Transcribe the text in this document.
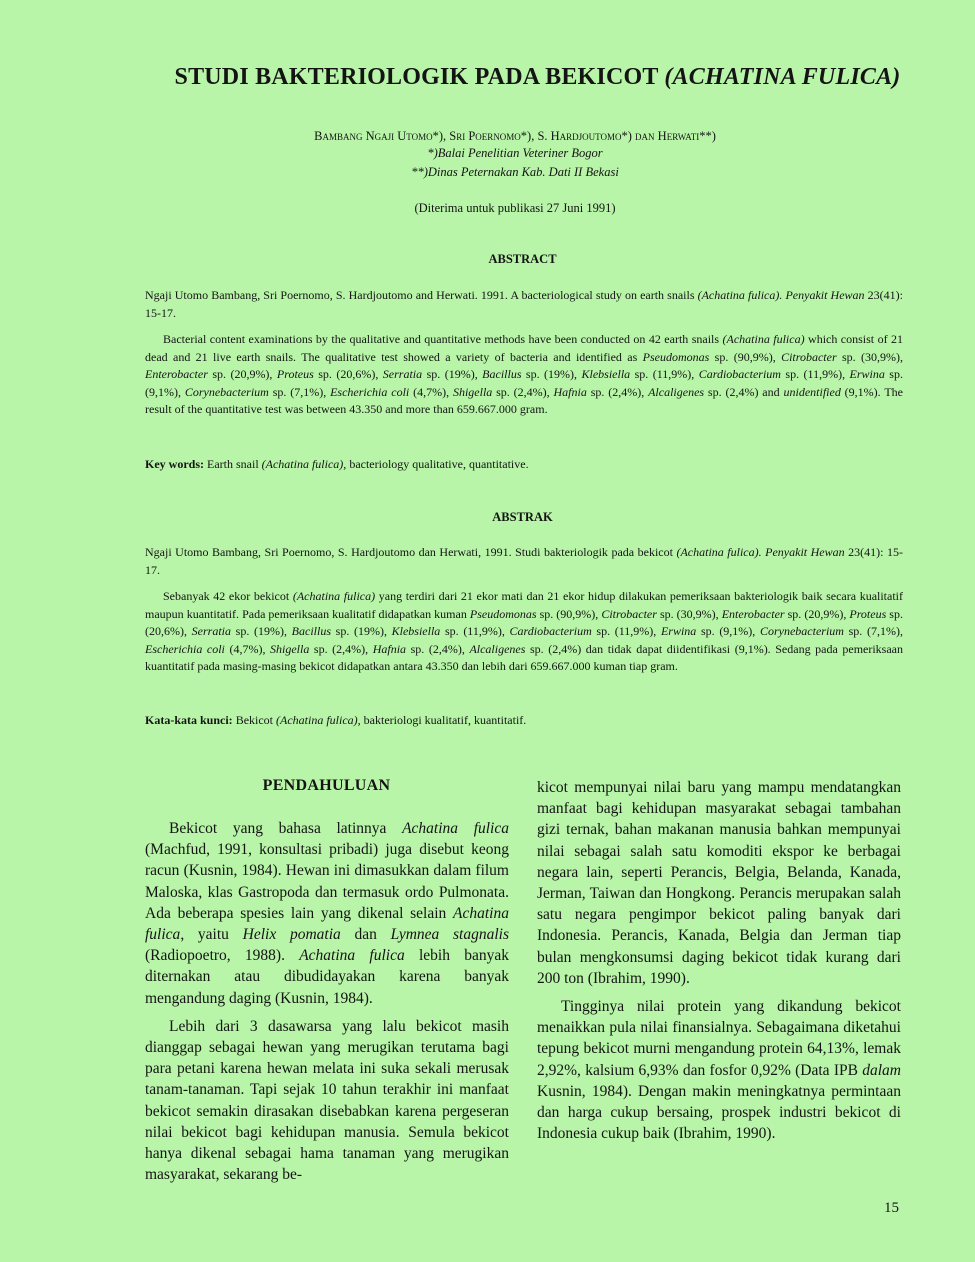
STUDI BAKTERIOLOGIK PADA BEKICOT (ACHATINA FULICA)
Bambang Ngaji Utomo*), Sri Poernomo*), S. Hardjoutomo*) dan Herwati**)
*)Balai Penelitian Veteriner Bogor
**)Dinas Peternakan Kab. Dati II Bekasi
(Diterima untuk publikasi 27 Juni 1991)
ABSTRACT
Ngaji Utomo Bambang, Sri Poernomo, S. Hardjoutomo and Herwati. 1991. A bacteriological study on earth snails (Achatina fulica). Penyakit Hewan 23(41): 15-17.
Bacterial content examinations by the qualitative and quantitative methods have been conducted on 42 earth snails (Achatina fulica) which consist of 21 dead and 21 live earth snails. The qualitative test showed a variety of bacteria and identified as Pseudomonas sp. (90,9%), Citrobacter sp. (30,9%), Enterobacter sp. (20,9%), Proteus sp. (20,6%), Serratia sp. (19%), Bacillus sp. (19%), Klebsiella sp. (11,9%), Cardiobacterium sp. (11,9%), Erwina sp. (9,1%), Corynebacterium sp. (7,1%), Escherichia coli (4,7%), Shigella sp. (2,4%), Hafnia sp. (2,4%), Alcaligenes sp. (2,4%) and unidentified (9,1%). The result of the quantitative test was between 43.350 and more than 659.667.000 gram.
Key words: Earth snail (Achatina fulica), bacteriology qualitative, quantitative.
ABSTRAK
Ngaji Utomo Bambang, Sri Poernomo, S. Hardjoutomo dan Herwati, 1991. Studi bakteriologik pada bekicot (Achatina fulica). Penyakit Hewan 23(41): 15-17.
Sebanyak 42 ekor bekicot (Achatina fulica) yang terdiri dari 21 ekor mati dan 21 ekor hidup dilakukan pemeriksaan bakteriologik baik secara kualitatif maupun kuantitatif. Pada pemeriksaan kualitatif didapatkan kuman Pseudomonas sp. (90,9%), Citrobacter sp. (30,9%), Enterobacter sp. (20,9%), Proteus sp. (20,6%), Serratia sp. (19%), Bacillus sp. (19%), Klebsiella sp. (11,9%), Cardiobacterium sp. (11,9%), Erwina sp. (9,1%), Corynebacterium sp. (7,1%), Escherichia coli (4,7%), Shigella sp. (2,4%), Hafnia sp. (2,4%), Alcaligenes sp. (2,4%) dan tidak dapat diidentifikasi (9,1%). Sedang pada pemeriksaan kuantitatif pada masing-masing bekicot didapatkan antara 43.350 dan lebih dari 659.667.000 kuman tiap gram.
Kata-kata kunci: Bekicot (Achatina fulica), bakteriologi kualitatif, kuantitatif.
PENDAHULUAN

Bekicot yang bahasa latinnya Achatina fulica (Machfud, 1991, konsultasi pribadi) juga disebut keong racun (Kusnin, 1984). Hewan ini dimasukkan dalam filum Maloska, klas Gastropoda dan termasuk ordo Pulmonata. Ada beberapa spesies lain yang dikenal selain Achatina fulica, yaitu Helix pomatia dan Lymnea stagnalis (Radiopoetro, 1988). Achatina fulica lebih banyak diternakan atau dibudidayakan karena banyak mengandung daging (Kusnin, 1984).

Lebih dari 3 dasawarsa yang lalu bekicot masih dianggap sebagai hewan yang merugikan terutama bagi para petani karena hewan melata ini suka sekali merusak tanam-tanaman. Tapi sejak 10 tahun terakhir ini manfaat bekicot semakin dirasakan disebabkan karena pergeseran nilai bekicot bagi kehidupan manusia. Semula bekicot hanya dikenal sebagai hama tanaman yang merugikan masyarakat, sekarang be-

kicot mempunyai nilai baru yang mampu mendatangkan manfaat bagi kehidupan masyarakat sebagai tambahan gizi ternak, bahan makanan manusia bahkan mempunyai nilai sebagai salah satu komoditi ekspor ke berbagai negara lain, seperti Perancis, Belgia, Belanda, Kanada, Jerman, Taiwan dan Hongkong. Perancis merupakan salah satu negara pengimpor bekicot paling banyak dari Indonesia. Perancis, Kanada, Belgia dan Jerman tiap bulan mengkonsumsi daging bekicot tidak kurang dari 200 ton (Ibrahim, 1990).

Tingginya nilai protein yang dikandung bekicot menaikkan pula nilai finansialnya. Sebagaimana diketahui tepung bekicot murni mengandung protein 64,13%, lemak 2,92%, kalsium 6,93% dan fosfor 0,92% (Data IPB dalam Kusnin, 1984). Dengan makin meningkatnya permintaan dan harga cukup bersaing, prospek industri bekicot di Indonesia cukup baik (Ibrahim, 1990).

15
